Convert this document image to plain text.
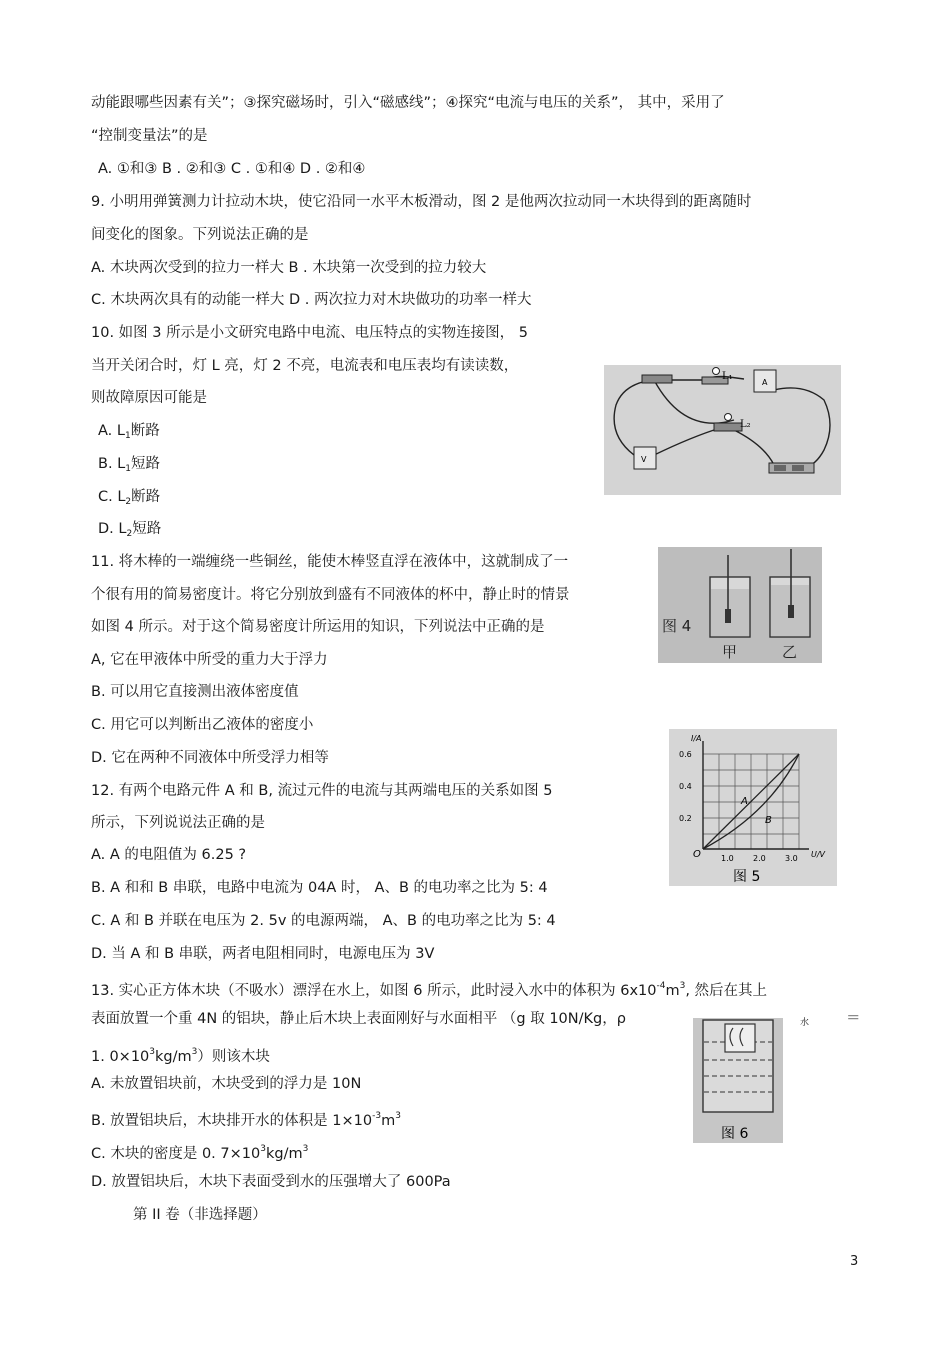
动能跟哪些因素有关”；③探究磁场时，引入“磁感线”；④探究“电流与电压的关系”， 其中，采用了
“控制变量法”的是
A. ①和③ B . ②和③ C . ①和④ D . ②和④
9. 小明用弹簧测力计拉动木块，使它沿同一水平木板滑动，图 2 是他两次拉动同一木块得到的距离随时
间变化的图象。下列说法正确的是
A. 木块两次受到的拉力一样大 B . 木块第一次受到的拉力较大
C. 木块两次具有的动能一样大 D . 两次拉力对木块做功的功率一样大
10. 如图 3 所示是小文研究电路中电流、电压特点的实物连接图， 5
当开关闭合时，灯 L 亮，灯 2 不亮，电流表和电压表均有读读数，
则故障原因可能是
A. $L_1$断路
B. $L_1$短路
C. $L_2$断路
D. $L_2$短路
11. 将木棒的一端缠绕一些铜丝，能使木棒竖直浮在液体中，这就制成了一
个很有用的简易密度计。将它分别放到盛有不同液体的杯中，静止时的情景
如图 4 所示。对于这个简易密度计所运用的知识，下列说法中正确的是
A, 它在甲液体中所受的重力大于浮力
B. 可以用它直接测出液体密度值
C. 用它可以判断出乙液体的密度小
D. 它在两种不同液体中所受浮力相等
12. 有两个电路元件 A 和 B, 流过元件的电流与其两端电压的关系如图 5
所示，下列说说法正确的是
A. A 的电阻值为 6.25 ?
B. A 和和 B 串联，电路中电流为 04A 时， A、B 的电功率之比为 5: 4
C. A 和 B 并联在电压为 2. 5v 的电源两端， A、B 的电功率之比为 5: 4
D. 当 A 和 B 串联，两者电阻相同时，电源电压为 3V
13. 实心正方体木块（不吸水）漂浮在水上，如图 6 所示，此时浸入水中的体积为 $6x10^{-4}m^3$, 然后在其上
表面放置一个重 4N 的铝块，静止后木块上表面刚好与水面相平 （g 取 10N/Kg，ρ	水	＝
1. $0\times 10^3kg/m^3$）则该木块
A. 未放置铝块前，木块受到的浮力是 10N
B. 放置铝块后，木块排开水的体积是 $1\times 10^{-3}m^3$
C. 木块的密度是 0. $7\times 10^3kg/m^3$
D. 放置铝块后，木块下表面受到水的压强增大了 600Pa
第 II 卷（非选择题）
3
L₁
A
L₂
V
图 4
甲	乙
I/A
U/V
O
0.6
0.4
0.2
1.0 2.0 3.0
A
B
图 5
图 6
